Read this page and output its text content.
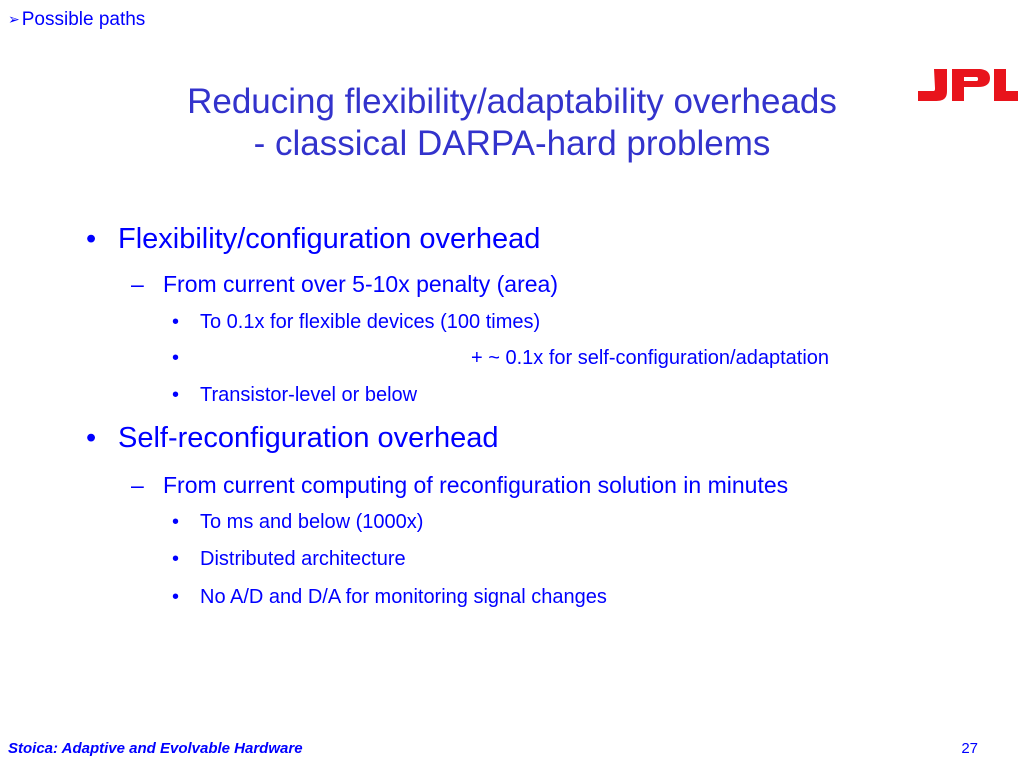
➢ Possible paths
Reducing flexibility/adaptability overheads
- classical DARPA-hard problems
• Flexibility/configuration overhead
– From current over 5-10x penalty (area)
• To 0.1x for flexible devices (100 times)
•	+ ~ 0.1x for self-configuration/adaptation
• Transistor-level or below
• Self-reconfiguration overhead
– From current computing of reconfiguration solution in minutes
• To ms and below (1000x)
• Distributed architecture
• No A/D and D/A for monitoring signal changes
Stoica: Adaptive and Evolvable Hardware	27
